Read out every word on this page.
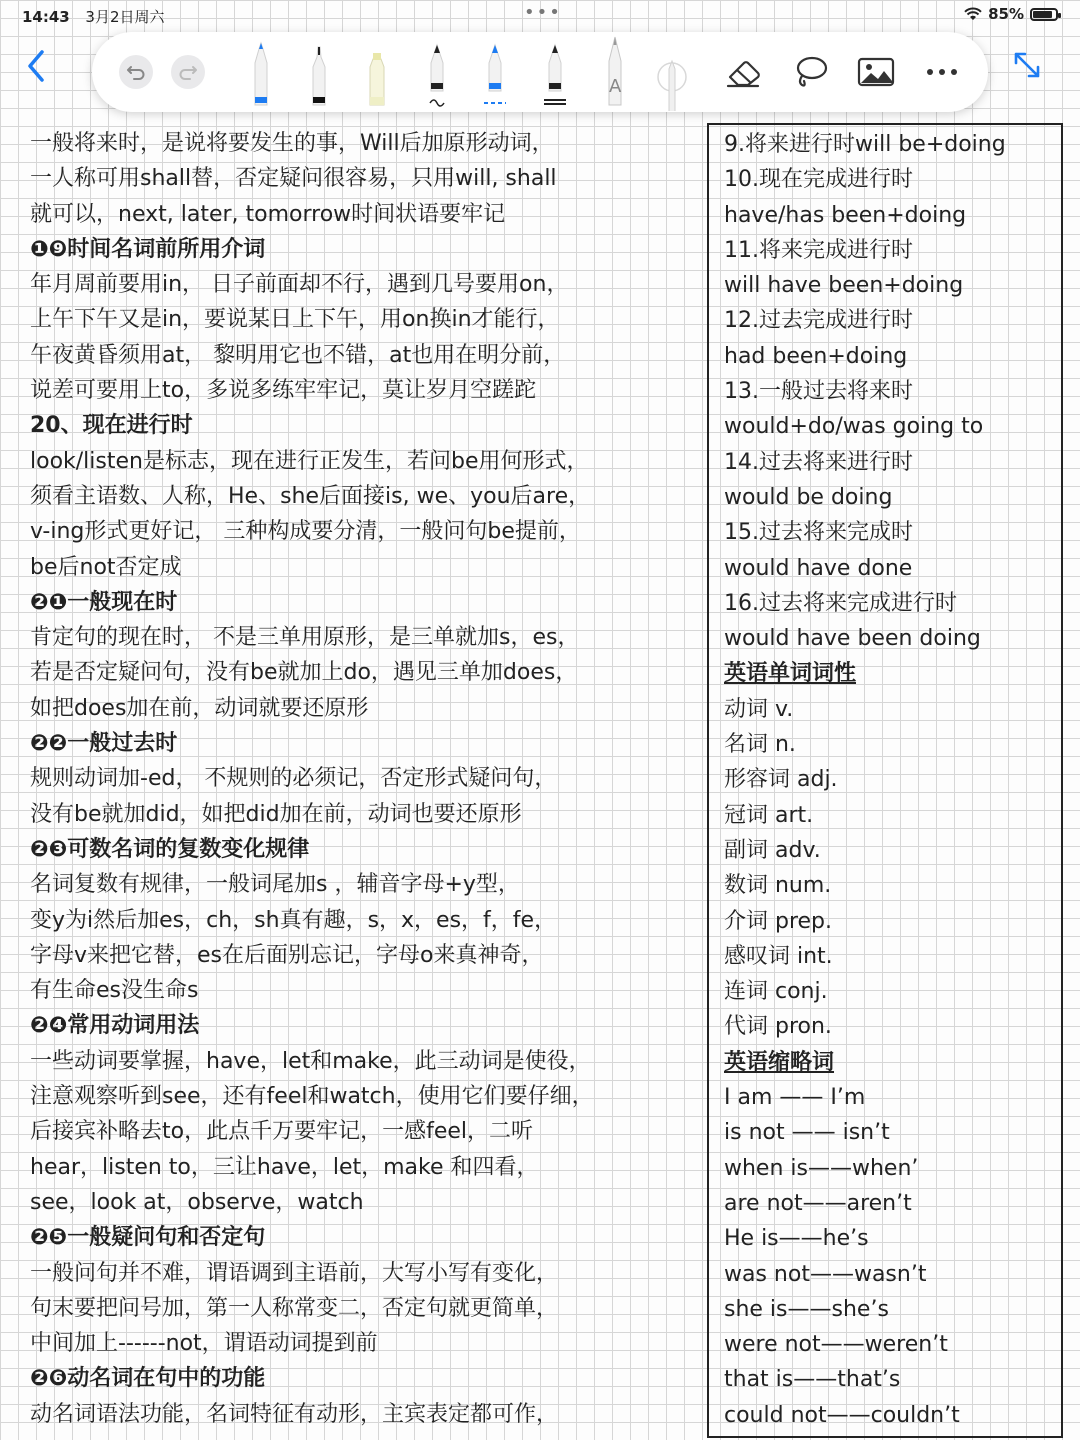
14:43 3月2日周六	•••	85%
A
一般将来时，是说将要发生的事，Will后加原形动词，
一人称可用shall替，否定疑问很容易，只用will, shall
就可以，next, later, tomorrow时间状语要牢记
❶❾时间名词前所用介词
年月周前要用in， 日子前面却不行，遇到几号要用on，
上午下午又是in，要说某日上下午，用on换in才能行，
午夜黄昏须用at， 黎明用它也不错，at也用在明分前，
说差可要用上to，多说多练牢牢记，莫让岁月空蹉跎
20、现在进行时
look/listen是标志，现在进行正发生，若问be用何形式，
须看主语数、人称，He、she后面接is, we、you后are，
v-ing形式更好记， 三种构成要分清，一般问句be提前，
be后not否定成
❷❶一般现在时
肯定句的现在时， 不是三单用原形，是三单就加s，es，
若是否定疑问句，没有be就加上do，遇见三单加does，
如把does加在前，动词就要还原形
❷❷一般过去时
规则动词加-ed， 不规则的必须记，否定形式疑问句，
没有be就加did，如把did加在前，动词也要还原形
❷❸可数名词的复数变化规律
名词复数有规律，一般词尾加s ，辅音字母+y型，
变y为i然后加es，ch，sh真有趣，s，x，es，f，fe，
字母v来把它替，es在后面别忘记，字母o来真神奇，
有生命es没生命s
❷❹常用动词用法
一些动词要掌握，have，let和make，此三动词是使役，
注意观察听到see，还有feel和watch，使用它们要仔细，
后接宾补略去to，此点千万要牢记，一感feel，二听
hear，listen to，三让have，let，make 和四看，
see，look at，observe，watch
❷❺一般疑问句和否定句
一般问句并不难，谓语调到主语前，大写小写有变化，
句末要把问号加，第一人称常变二，否定句就更简单，
中间加上------not，谓语动词提到前
❷❻动名词在句中的功能
动名词语法功能，名词特征有动形，主宾表定都可作，
9.将来进行时will be+doing
10.现在完成进行时
have/has been+doing
11.将来完成进行时
will have been+doing
12.过去完成进行时
had been+doing
13.一般过去将来时
would+do/was going to
14.过去将来进行时
would be doing
15.过去将来完成时
would have done
16.过去将来完成进行时
would have been doing
英语单词词性
动词 v.
名词 n.
形容词 adj.
冠词 art.
副词 adv.
数词 num.
介词 prep.
感叹词 int.
连词 conj.
代词 pron.
英语缩略词
I am —— I’m
is not —— isn’t
when is——when’
are not——aren’t
He is——he’s
was not——wasn’t
she is——she’s
were not——weren’t
that is——that’s
could not——couldn’t
